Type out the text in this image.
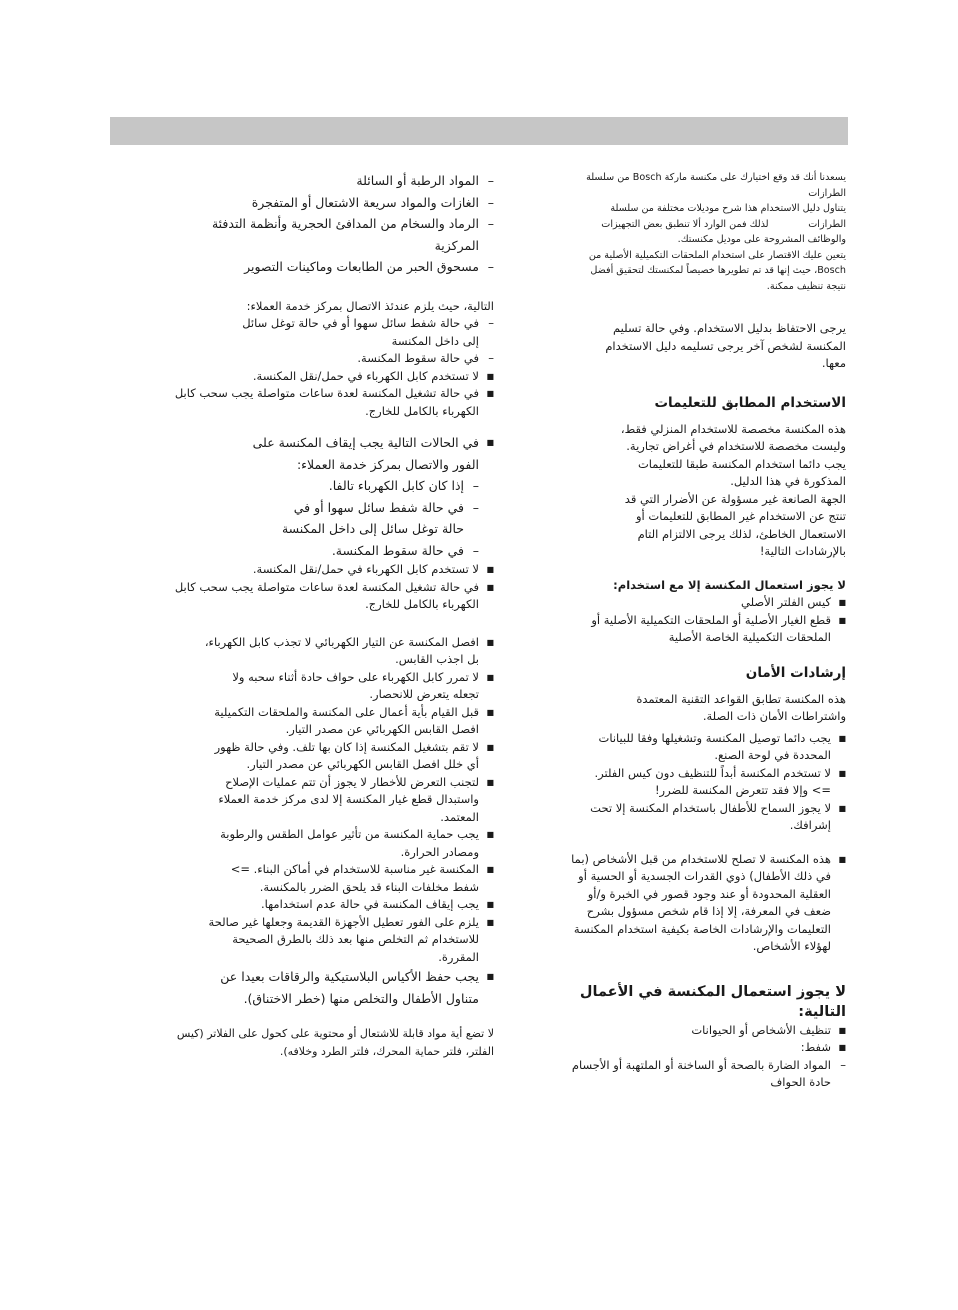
يسعدنا أنك قد وقع اختيارك على مكنسة ماركة Bosch من سلسلة

الطرازات

يتناول دليل الاستخدام هذا شرح موديلات مختلفة من سلسلة

الطرازات             لذلك فمن الوارد ألا تنطبق بعض التجهيزات

والوظائف المشروحة على موديل مكنستك.

يتعين عليك الاقتصار على استخدام الملحقات التكميلية الأصلية من

Bosch، حيث إنها قد تم تطويرها خصيصاً لمكنستك لتحقيق أفضل

نتيجة تنظيف ممكنة.

يرجى الاحتفاظ بدليل الاستخدام. وفي حالة تسليم

المكنسة لشخص آخر يرجى تسليمه دليل الاستخدام

معها.

الاستخدام المطابق للتعليمات

هذه المكنسة مخصصة للاستخدام المنزلي فقط،

وليست مخصصة للاستخدام في أغراض تجارية.

يجب دائما استخدام المكنسة طبقا للتعليمات

المذكورة في هذا الدليل.

الجهة الصانعة غير مسؤولة عن الأضرار التي قد

تنتج عن الاستخدام غير المطابق للتعليمات أو

الاستعمال الخاطئ، لذلك يرجى الالتزام التام

بالإرشادات التالية!

لا يجوز استعمال المكنسة إلا مع استخدام:

■ كيس الفلتر الأصلي
■ قطع الغيار الأصلية أو الملحقات التكميلية الأصلية أو الملحقات التكميلية الخاصة الأصلية
إرشادات الأمان

هذه المكنسة تطابق القواعد التقنية المعتمدة

واشتراطات الأمان ذات الصلة.

■ يجب دائما توصيل المكنسة وتشغيلها وفقا للبيانات المحددة في لوحة الصنع.
■ لا تستخدم المكنسة أبداً للتنظيف دون كيس الفلتر.
=> وإلا فقد تتعرض المكنسة للضرر!
■ لا يجوز السماح للأطفال باستخدام المكنسة إلا تحت إشرافك.
■ هذه المكنسة لا تصلح للاستخدام من قبل الأشخاص (بما في ذلك الأطفال) ذوي القدرات الجسدية أو الحسية أو العقلية المحدودة أو عند وجود قصور في الخبرة و/أو ضعف في المعرفة، إلا إذا قام شخص مسؤول بشرح التعليمات والإرشادات الخاصة بكيفية استخدام المكنسة لهؤلاء الأشخاص.
لا يجوز استعمال المكنسة في الأعمال التالية:
■ تنظيف الأشخاص أو الحيوانات
■ شفط:
– المواد الضارة بالصحة أو الساخنة أو الملتهبة أو الأجسام حادة الحواف
– المواد الرطبة أو السائلة
– الغازات والمواد سريعة الاشتعال أو المتفجرة
– الرماد والسخام من المدافئ الحجرية وأنظمة التدفئة المركزية
– مسحوق الحبر من الطابعات وماكينات التصوير

التالية، حيث يلزم عندئذ الاتصال بمركز خدمة العملاء:

– في حالة شفط سائل سهوا أو في حالة توغل سائل إلى داخل المكنسة
– في حالة سقوط المكنسة.
■ لا تستخدم كابل الكهرباء في حمل/نقل المكنسة.
■ في حالة تشغيل المكنسة لعدة ساعات متواصلة يجب سحب كابل الكهرباء بالكامل للخارج.
■ في الحالات التالية يجب إيقاف المكنسة على الفور والاتصال بمركز خدمة العملاء:
– إذا كان كابل الكهرباء تالفا.
– في حالة شفط سائل سهوا أو في حالة توغل سائل إلى داخل المكنسة
– في حالة سقوط المكنسة.
■ لا تستخدم كابل الكهرباء في حمل/نقل المكنسة.
■ في حالة تشغيل المكنسة لعدة ساعات متواصلة يجب سحب كابل الكهرباء بالكامل للخارج.
■ افصل المكنسة عن التيار الكهربائي لا تجذب كابل الكهرباء، بل اجذب القابس.
■ لا تمرر كابل الكهرباء على حواف حادة أثناء سحبه ولا تجعله يتعرض للانحصار.
■ قبل القيام بأية أعمال على المكنسة والملحقات التكميلية افصل القابس الكهربائي عن مصدر التيار.
■ لا تقم بتشغيل المكنسة إذا كان بها تلف. وفي حالة ظهور أي خلل افصل القابس الكهربائي عن مصدر التيار.
■ لتجنب التعرض للأخطار لا يجوز أن تتم عمليات الإصلاح واستبدال قطع غيار المكنسة إلا لدى مركز خدمة العملاء المعتمد.
■ يجب حماية المكنسة من تأثير عوامل الطقس والرطوبة ومصادر الحرارة.
■ المكنسة غير مناسبة للاستخدام في أماكن البناء. => شفط مخلفات البناء قد يلحق الضرر بالمكنسة.
■ يجب إيقاف المكنسة في حالة عدم استخدامها.
■ يلزم على الفور تعطيل الأجهزة القديمة وجعلها غير صالحة للاستخدام ثم التخلص منها بعد ذلك بالطرق الصحيحة المقررة.
■ يجب حفظ الأكياس البلاستيكية والرقاقات بعيدا عن متناول الأطفال والتخلص منها (خطر الاختناق).
لا تضع أية مواد قابلة للاشتعال أو محتوية على كحول على الفلاتر (كيس الفلتر، فلتر حماية المحرك، فلتر الطرد وخلافه).
